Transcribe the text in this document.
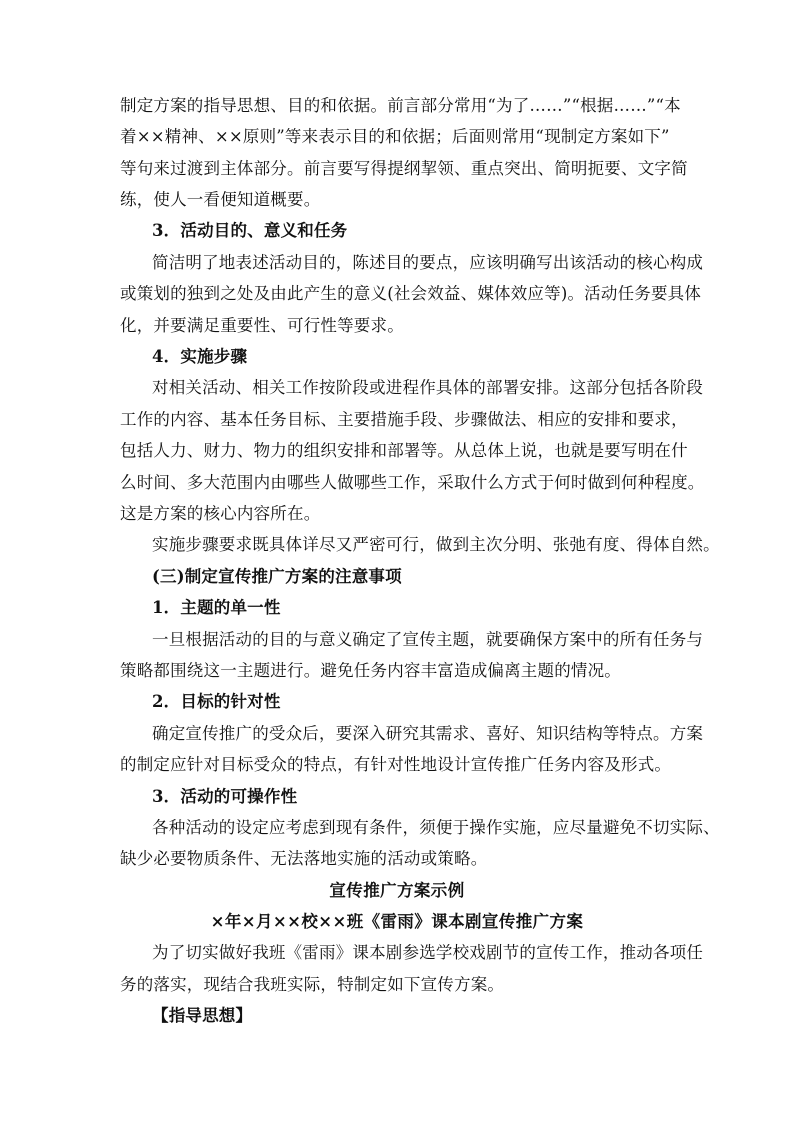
制定方案的指导思想、目的和依据。前言部分常用“为了……”“根据……”“本
着××精神、××原则”等来表示目的和依据；后面则常用“现制定方案如下”
等句来过渡到主体部分。前言要写得提纲挈领、重点突出、简明扼要、文字简
练，使人一看便知道概要。
3．活动目的、意义和任务
简洁明了地表述活动目的，陈述目的要点，应该明确写出该活动的核心构成
或策划的独到之处及由此产生的意义(社会效益、媒体效应等)。活动任务要具体
化，并要满足重要性、可行性等要求。
4．实施步骤
对相关活动、相关工作按阶段或进程作具体的部署安排。这部分包括各阶段
工作的内容、基本任务目标、主要措施手段、步骤做法、相应的安排和要求，
包括人力、财力、物力的组织安排和部署等。从总体上说，也就是要写明在什
么时间、多大范围内由哪些人做哪些工作，采取什么方式于何时做到何种程度。
这是方案的核心内容所在。
实施步骤要求既具体详尽又严密可行，做到主次分明、张弛有度、得体自然。
(三)制定宣传推广方案的注意事项
1．主题的单一性
一旦根据活动的目的与意义确定了宣传主题，就要确保方案中的所有任务与
策略都围绕这一主题进行。避免任务内容丰富造成偏离主题的情况。
2．目标的针对性
确定宣传推广的受众后，要深入研究其需求、喜好、知识结构等特点。方案
的制定应针对目标受众的特点，有针对性地设计宣传推广任务内容及形式。
3．活动的可操作性
各种活动的设定应考虑到现有条件，须便于操作实施，应尽量避免不切实际、
缺少必要物质条件、无法落地实施的活动或策略。
宣传推广方案示例
×年×月××校××班《雷雨》课本剧宣传推广方案
为了切实做好我班《雷雨》课本剧参选学校戏剧节的宣传工作，推动各项任
务的落实，现结合我班实际，特制定如下宣传方案。
【指导思想】
